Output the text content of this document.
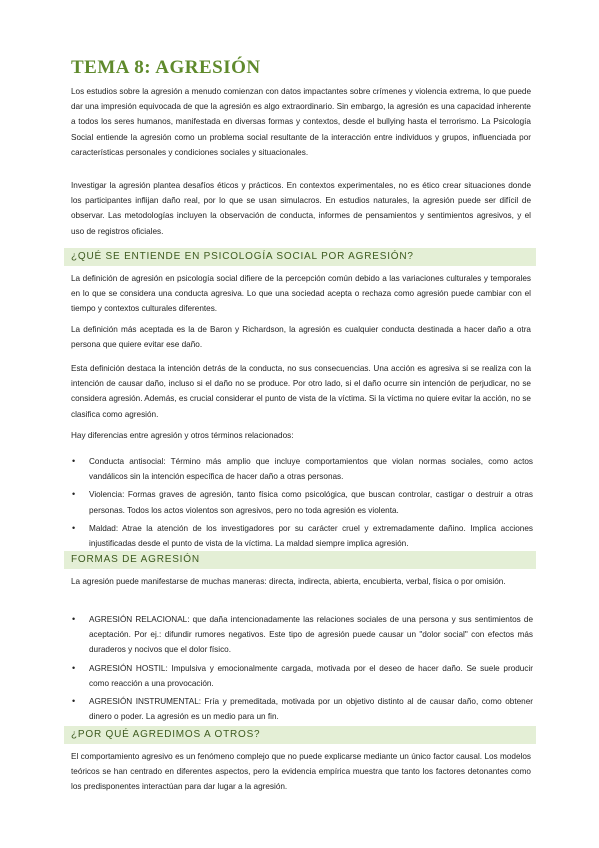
TEMA 8: AGRESIÓN

Los estudios sobre la agresión a menudo comienzan con datos impactantes sobre crímenes y violencia extrema, lo que puede dar una impresión equivocada de que la agresión es algo extraordinario. Sin embargo, la agresión es una capacidad inherente a todos los seres humanos, manifestada en diversas formas y contextos, desde el bullying hasta el terrorismo. La Psicología Social entiende la agresión como un problema social resultante de la interacción entre individuos y grupos, influenciada por características personales y condiciones sociales y situacionales.

Investigar la agresión plantea desafíos éticos y prácticos. En contextos experimentales, no es ético crear situaciones donde los participantes inflijan daño real, por lo que se usan simulacros. En estudios naturales, la agresión puede ser difícil de observar. Las metodologías incluyen la observación de conducta, informes de pensamientos y sentimientos agresivos, y el uso de registros oficiales.

¿QUÉ SE ENTIENDE EN PSICOLOGÍA SOCIAL POR AGRESIÓN?

La definición de agresión en psicología social difiere de la percepción común debido a las variaciones culturales y temporales en lo que se considera una conducta agresiva. Lo que una sociedad acepta o rechaza como agresión puede cambiar con el tiempo y contextos culturales diferentes.

La definición más aceptada es la de Baron y Richardson, la agresión es cualquier conducta destinada a hacer daño a otra persona que quiere evitar ese daño.

Esta definición destaca la intención detrás de la conducta, no sus consecuencias. Una acción es agresiva si se realiza con la intención de causar daño, incluso si el daño no se produce. Por otro lado, si el daño ocurre sin intención de perjudicar, no se considera agresión. Además, es crucial considerar el punto de vista de la víctima. Si la víctima no quiere evitar la acción, no se clasifica como agresión.

Hay diferencias entre agresión y otros términos relacionados:

• Conducta antisocial: Término más amplio que incluye comportamientos que violan normas sociales, como actos vandálicos sin la intención específica de hacer daño a otras personas.
• Violencia: Formas graves de agresión, tanto física como psicológica, que buscan controlar, castigar o destruir a otras personas. Todos los actos violentos son agresivos, pero no toda agresión es violenta.
• Maldad: Atrae la atención de los investigadores por su carácter cruel y extremadamente dañino. Implica acciones injustificadas desde el punto de vista de la víctima. La maldad siempre implica agresión.
FORMAS DE AGRESIÓN

La agresión puede manifestarse de muchas maneras: directa, indirecta, abierta, encubierta, verbal, física o por omisión.

• AGRESIÓN RELACIONAL: que daña intencionadamente las relaciones sociales de una persona y sus sentimientos de aceptación. Por ej.: difundir rumores negativos. Este tipo de agresión puede causar un "dolor social" con efectos más duraderos y nocivos que el dolor físico.
• AGRESIÓN HOSTIL: Impulsiva y emocionalmente cargada, motivada por el deseo de hacer daño. Se suele producir como reacción a una provocación.
• AGRESIÓN INSTRUMENTAL: Fría y premeditada, motivada por un objetivo distinto al de causar daño, como obtener dinero o poder. La agresión es un medio para un fin.
¿POR QUÉ AGREDIMOS A OTROS?

El comportamiento agresivo es un fenómeno complejo que no puede explicarse mediante un único factor causal. Los modelos teóricos se han centrado en diferentes aspectos, pero la evidencia empírica muestra que tanto los factores detonantes como los predisponentes interactúan para dar lugar a la agresión.
